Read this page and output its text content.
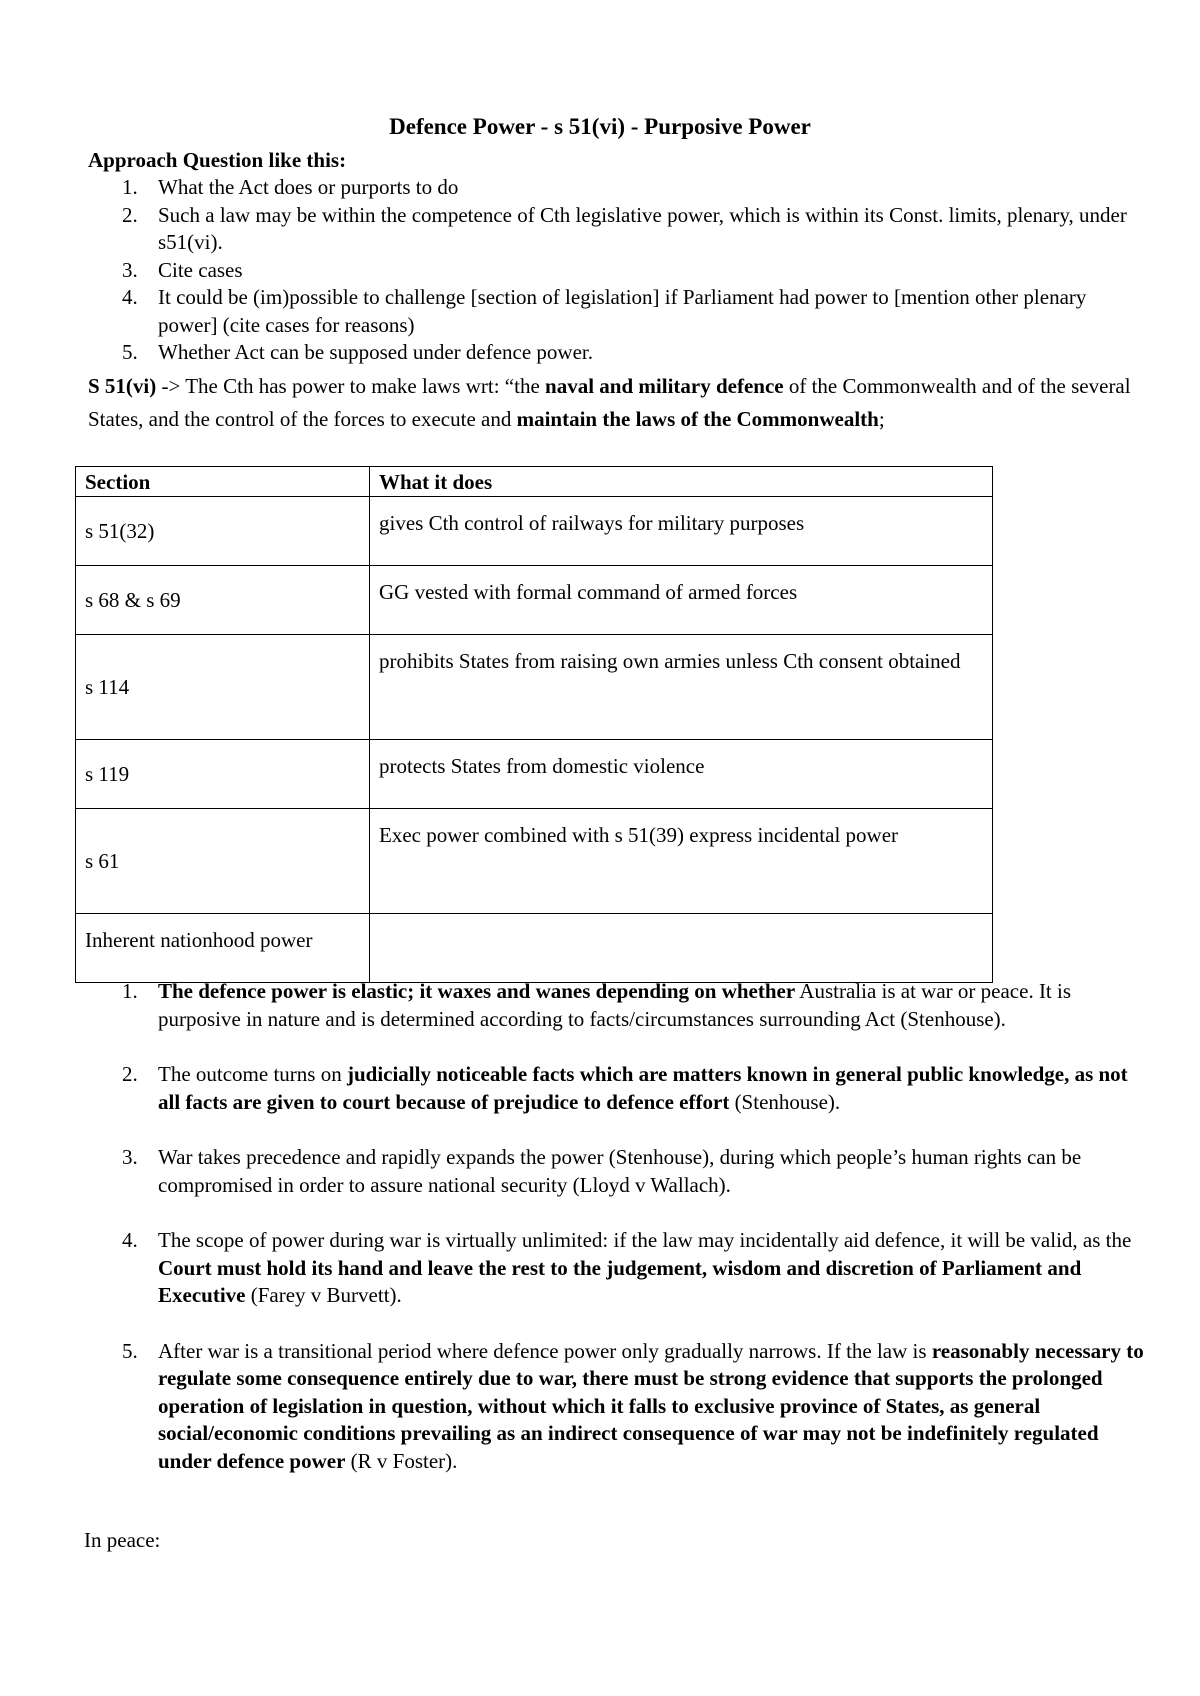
Defence Power - s 51(vi) - Purposive Power
Approach Question like this:
1. What the Act does or purports to do
2. Such a law may be within the competence of Cth legislative power, which is within its Const. limits, plenary, under s51(vi).
3. Cite cases
4. It could be (im)possible to challenge [section of legislation] if Parliament had power to [mention other plenary power] (cite cases for reasons)
5. Whether Act can be supposed under defence power.

S 51(vi) -> The Cth has power to make laws wrt: “the naval and military defence of the Commonwealth and of the several States, and the control of the forces to execute and maintain the laws of the Commonwealth;

Section	What it does
s 51(32)	gives Cth control of railways for military purposes
s 68 & s 69	GG vested with formal command of armed forces
s 114	prohibits States from raising own armies unless Cth consent obtained
s 119	protects States from domestic violence
s 61	Exec power combined with s 51(39) express incidental power
Inherent nationhood power	
1. The defence power is elastic; it waxes and wanes depending on whether Australia is at war or peace. It is purposive in nature and is determined according to facts/circumstances surrounding Act (Stenhouse).
2. The outcome turns on judicially noticeable facts which are matters known in general public knowledge, as not all facts are given to court because of prejudice to defence effort (Stenhouse).
3. War takes precedence and rapidly expands the power (Stenhouse), during which people’s human rights can be compromised in order to assure national security (Lloyd v Wallach).
4. The scope of power during war is virtually unlimited: if the law may incidentally aid defence, it will be valid, as the Court must hold its hand and leave the rest to the judgement, wisdom and discretion of Parliament and Executive (Farey v Burvett).
5. After war is a transitional period where defence power only gradually narrows. If the law is reasonably necessary to regulate some consequence entirely due to war, there must be strong evidence that supports the prolonged operation of legislation in question, without which it falls to exclusive province of States, as general social/economic conditions prevailing as an indirect consequence of war may not be indefinitely regulated under defence power (R v Foster).
In peace:
